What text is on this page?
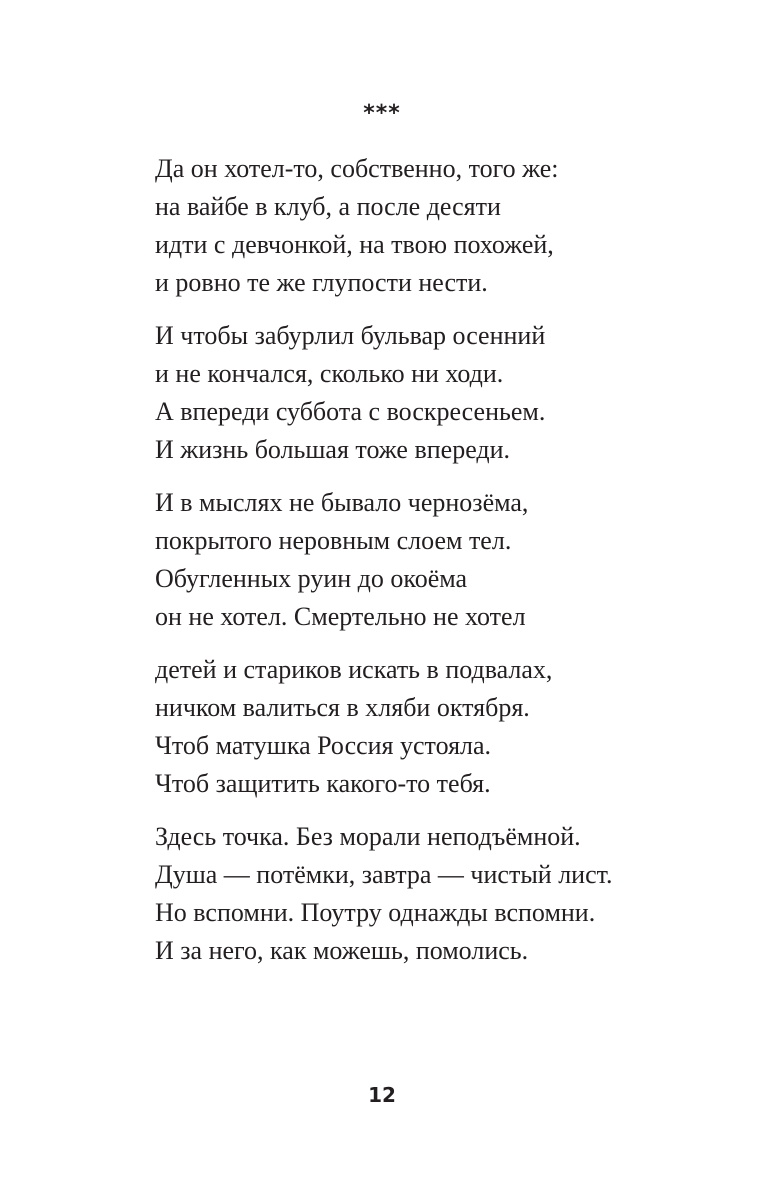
***
Да он хотел-то, собственно, того же:
на вайбе в клуб, а после десяти
идти с девчонкой, на твою похожей,
и ровно те же глупости нести.
И чтобы забурлил бульвар осенний
и не кончался, сколько ни ходи.
А впереди суббота с воскресеньем.
И жизнь большая тоже впереди.
И в мыслях не бывало чернозёма,
покрытого неровным слоем тел.
Обугленных руин до окоёма
он не хотел. Смертельно не хотел
детей и стариков искать в подвалах,
ничком валиться в хляби октября.
Чтоб матушка Россия устояла.
Чтоб защитить какого-то тебя.
Здесь точка. Без морали неподъёмной.
Душа — потёмки, завтра — чистый лист.
Но вспомни. Поутру однажды вспомни.
И за него, как можешь, помолись.
12
